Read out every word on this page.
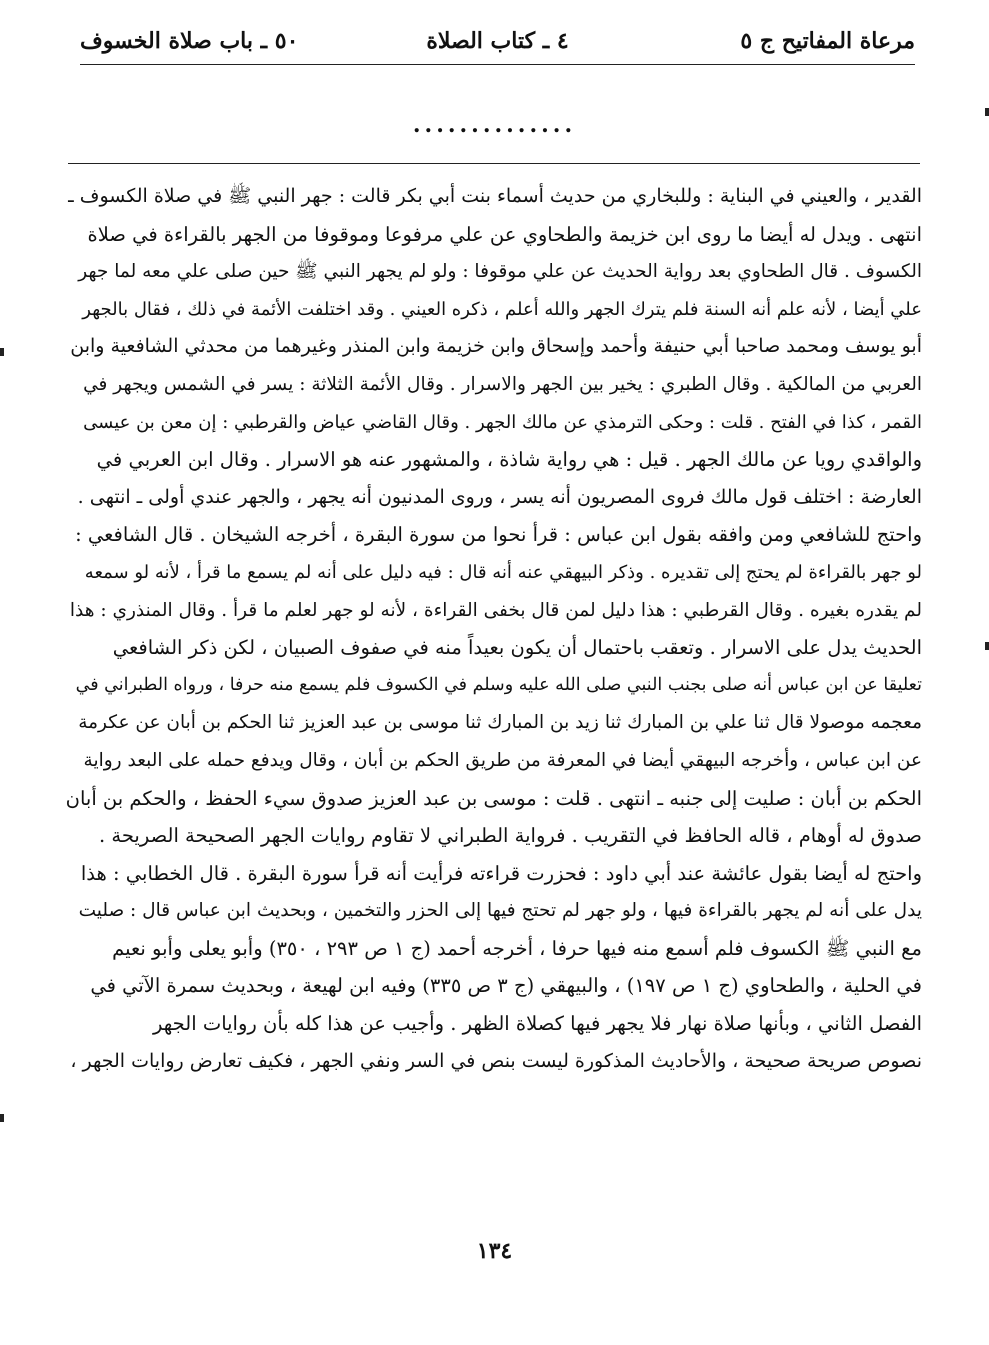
مرعاة المفاتيح ج ٥
٤ ـ كتاب الصلاة
٥٠ ـ باب صلاة الخسوف
..............
القدير ، والعيني في البناية : وللبخاري من حديث أسماء بنت أبي بكر قالت : جهر النبي ﷺ في صلاة الكسوف ـ
انتهى . ويدل له أيضا ما روى ابن خزيمة والطحاوي عن علي مرفوعا وموقوفا من الجهر بالقراءة في صلاة
الكسوف . قال الطحاوي بعد رواية الحديث عن علي موقوفا : ولو لم يجهر النبي ﷺ حين صلى علي معه لما جهر
علي أيضا ، لأنه علم أنه السنة فلم يترك الجهر والله أعلم ، ذكره العيني . وقد اختلفت الأئمة في ذلك ، فقال بالجهر
أبو يوسف ومحمد صاحبا أبي حنيفة وأحمد وإسحاق وابن خزيمة وابن المنذر وغيرهما من محدثي الشافعية وابن
العربي من المالكية . وقال الطبري : يخير بين الجهر والاسرار . وقال الأئمة الثلاثة : يسر في الشمس ويجهر في
القمر ، كذا في الفتح . قلت : وحكى الترمذي عن مالك الجهر . وقال القاضي عياض والقرطبي : إن معن بن عيسى
والواقدي رويا عن مالك الجهر . قيل : هي رواية شاذة ، والمشهور عنه هو الاسرار . وقال ابن العربي في
العارضة : اختلف قول مالك فروى المصريون أنه يسر ، وروى المدنيون أنه يجهر ، والجهر عندي أولى ـ انتهى .
واحتج للشافعي ومن وافقه بقول ابن عباس : قرأ نحوا من سورة البقرة ، أخرجه الشيخان . قال الشافعي :
لو جهر بالقراءة لم يحتج إلى تقديره . وذكر البيهقي عنه أنه قال : فيه دليل على أنه لم يسمع ما قرأ ، لأنه لو سمعه
لم يقدره بغيره . وقال القرطبي : هذا دليل لمن قال بخفى القراءة ، لأنه لو جهر لعلم ما قرأ . وقال المنذري : هذا
الحديث يدل على الاسرار . وتعقب باحتمال أن يكون بعيداً منه في صفوف الصبيان ، لكن ذكر الشافعي
تعليقا عن ابن عباس أنه صلى بجنب النبي صلى الله عليه وسلم في الكسوف فلم يسمع منه حرفا ، ورواه الطبراني في
معجمه موصولا قال ثنا علي بن المبارك ثنا زيد بن المبارك ثنا موسى بن عبد العزيز ثنا الحكم بن أبان عن عكرمة
عن ابن عباس ، وأخرجه البيهقي أيضا في المعرفة من طريق الحكم بن أبان ، وقال ويدفع حمله على البعد رواية
الحكم بن أبان : صليت إلى جنبه ـ انتهى . قلت : موسى بن عبد العزيز صدوق سيء الحفظ ، والحكم بن أبان
صدوق له أوهام ، قاله الحافظ في التقريب . فرواية الطبراني لا تقاوم روايات الجهر الصحيحة الصريحة .
واحتج له أيضا بقول عائشة عند أبي داود : فحزرت قراءته فرأيت أنه قرأ سورة البقرة . قال الخطابي : هذا
يدل على أنه لم يجهر بالقراءة فيها ، ولو جهر لم تحتج فيها إلى الحزر والتخمين ، وبحديث ابن عباس قال : صليت
مع النبي ﷺ الكسوف فلم أسمع منه فيها حرفا ، أخرجه أحمد (ج ١ ص ٢٩٣ ، ٣٥٠) وأبو يعلى وأبو نعيم
في الحلية ، والطحاوي (ج ١ ص ١٩٧) ، والبيهقي (ج ٣ ص ٣٣٥) وفيه ابن لهيعة ، وبحديث سمرة الآتي في
الفصل الثاني ، وبأنها صلاة نهار فلا يجهر فيها كصلاة الظهر . وأجيب عن هذا كله بأن روايات الجهر
نصوص صريحة صحيحة ، والأحاديث المذكورة ليست بنص في السر ونفي الجهر ، فكيف تعارض روايات الجهر ،
١٣٤
